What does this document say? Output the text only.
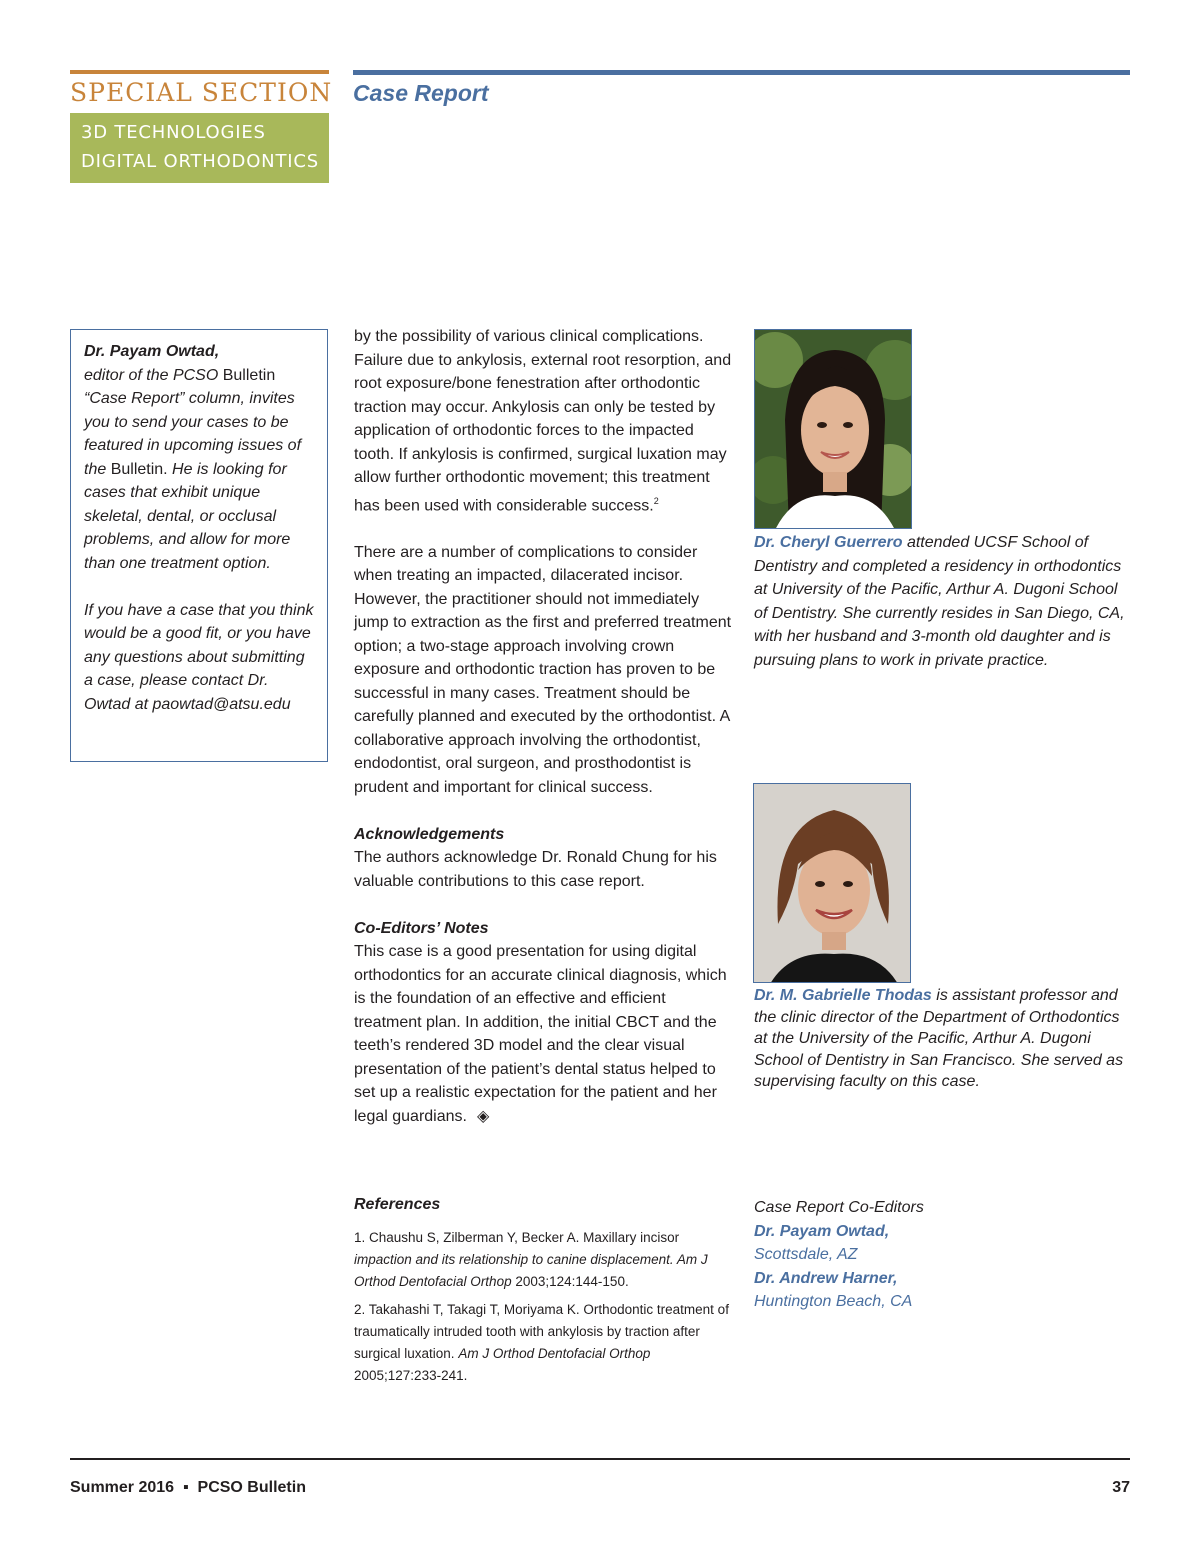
SPECIAL SECTION
3D TECHNOLOGIES
DIGITAL ORTHODONTICS
Case Report

Dr. Payam Owtad,
editor of the PCSO Bulletin “Case Report” column, invites you to send your cases to be featured in upcoming issues of the Bulletin. He is looking for cases that exhibit unique skeletal, dental, or occlusal problems, and allow for more than one treatment option.

If you have a case that you think would be a good fit, or you have any questions about submitting a case, please contact Dr. Owtad at paowtad@atsu.edu

by the possibility of various clinical complications. Failure due to ankylosis, external root resorption, and root exposure/bone fenestration after orthodontic traction may occur. Ankylosis can only be tested by application of orthodontic forces to the impacted tooth. If ankylosis is confirmed, surgical luxation may allow further orthodontic movement; this treatment has been used with considerable success.$^2$

There are a number of complications to consider when treating an impacted, dilacerated incisor. However, the practitioner should not immediately jump to extraction as the first and preferred treatment option; a two-stage approach involving crown exposure and orthodontic traction has proven to be successful in many cases. Treatment should be carefully planned and executed by the orthodontist. A collaborative approach involving the orthodontist, endodontist, oral surgeon, and prosthodontist is prudent and important for clinical success.

Acknowledgements

The authors acknowledge Dr. Ronald Chung for his valuable contributions to this case report.

Co-Editors’ Notes

This case is a good presentation for using digital orthodontics for an accurate clinical diagnosis, which is the foundation of an effective and efficient treatment plan. In addition, the initial CBCT and the teeth’s rendered 3D model and the clear visual presentation of the patient’s dental status helped to set up a realistic expectation for the patient and her legal guardians. ◈

References

1. Chaushu S, Zilberman Y, Becker A. Maxillary incisor impaction and its relationship to canine displacement. Am J Orthod Dentofacial Orthop 2003;124:144-150.

2. Takahashi T, Takagi T, Moriyama K. Orthodontic treatment of traumatically intruded tooth with ankylosis by traction after surgical luxation. Am J Orthod Dentofacial Orthop 2005;127:233-241.

Dr. Cheryl Guerrero attended UCSF School of Dentistry and completed a residency in orthodontics at University of the Pacific, Arthur A. Dugoni School of Dentistry. She currently resides in San Diego, CA, with her husband and 3-month old daughter and is pursuing plans to work in private practice.
Dr. M. Gabrielle Thodas is assistant professor and the clinic director of the Department of Orthodontics at the University of the Pacific, Arthur A. Dugoni School of Dentistry in San Francisco. She served as supervising faculty on this case.
Case Report Co-Editors
Dr. Payam Owtad,
Scottsdale, AZ
Dr. Andrew Harner,
Huntington Beach, CA
Summer 2016  ▪  PCSO Bulletin	37
